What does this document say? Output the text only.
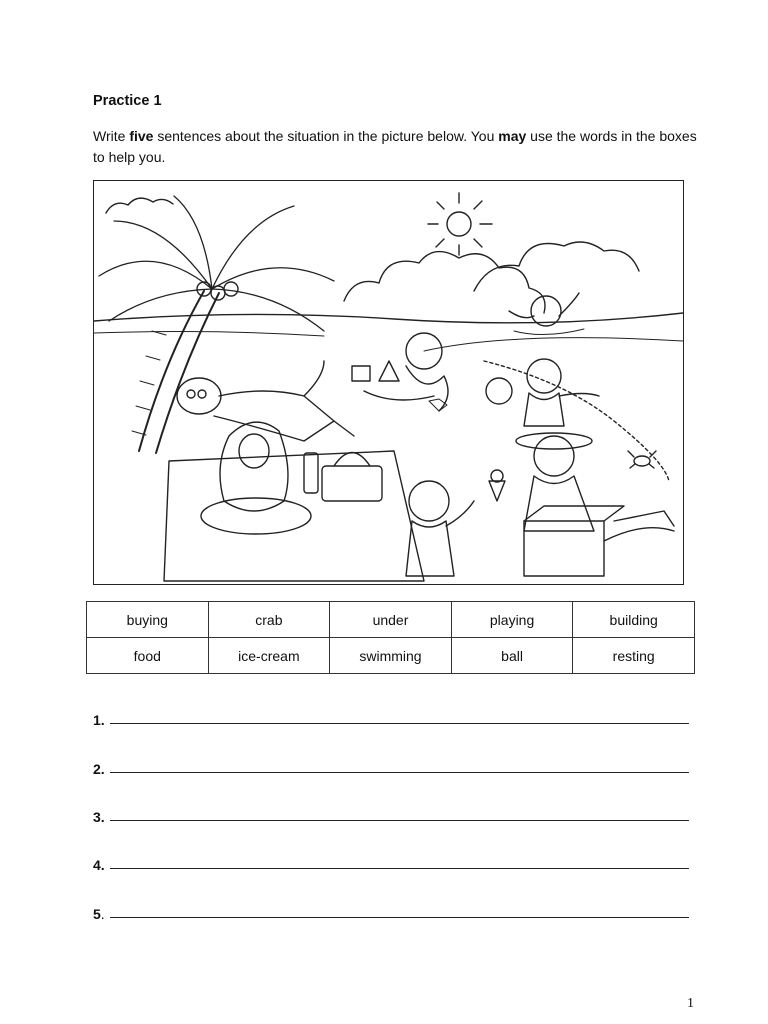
Practice 1
Write five sentences about the situation in the picture below. You may use the words in the boxes to help you.
buying	crab	under	playing	building
food	ice-cream	swimming	ball	resting
1.
2.
3.
4.
5.
1
